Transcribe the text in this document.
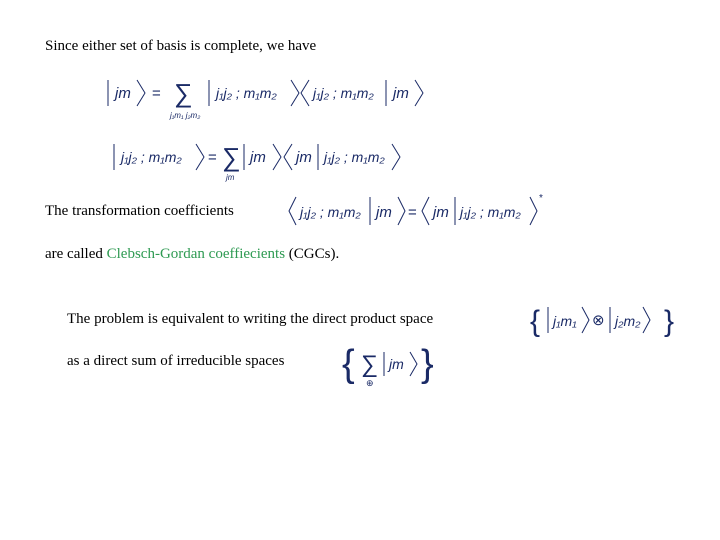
Since either set of basis is complete, we have
jm = ∑
j₁m₁ j₂m₂
j₁j₂ ; m₁m₂	j₁j₂ ; m₁m₂ jm
j₁j₂ ; m₁m₂ = ∑
jm
jm jm j₁j₂ ; m₁m₂
The transformation coefficients	j₁j₂ ; m₁m₂ jm = jm j₁j₂ ; m₁m₂
*
are called Clebsch-Gordan coeffiecients (CGCs).
The problem is equivalent to writing the direct product space	{ j₁m₁ ⊗ j₂m₂ }
as a direct sum of irreducible spaces { ∑
⊕
jm }
